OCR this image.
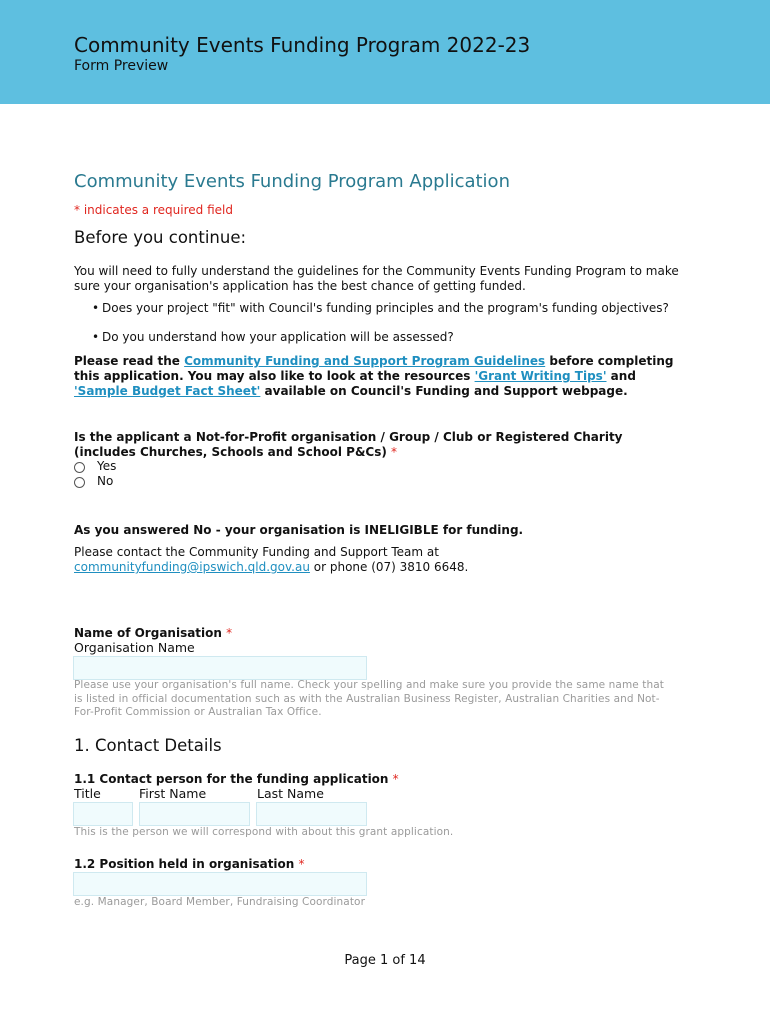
Community Events Funding Program 2022-23
Form Preview
Community Events Funding Program Application
* indicates a required field
Before you continue:
You will need to fully understand the guidelines for the Community Events Funding Program to make sure your organisation's application has the best chance of getting funded.
• Does your project "fit" with Council's funding principles and the program's funding objectives?
• Do you understand how your application will be assessed?
Please read the Community Funding and Support Program Guidelines before completing this application. You may also like to look at the resources 'Grant Writing Tips' and 'Sample Budget Fact Sheet' available on Council's Funding and Support webpage.
Is the applicant a Not-for-Profit organisation / Group / Club or Registered Charity (includes Churches, Schools and School P&Cs) *
Yes
No
As you answered No - your organisation is INELIGIBLE for funding.
Please contact the Community Funding and Support Team at
communityfunding@ipswich.qld.gov.au or phone (07) 3810 6648.
Name of Organisation *
Organisation Name
Please use your organisation's full name. Check your spelling and make sure you provide the same name that is listed in official documentation such as with the Australian Business Register, Australian Charities and Not-For-Profit Commission or Australian Tax Office.
1. Contact Details
1.1 Contact person for the funding application *
Title	First Name	Last Name
This is the person we will correspond with about this grant application.
1.2 Position held in organisation *
e.g. Manager, Board Member, Fundraising Coordinator
Page 1 of 14
